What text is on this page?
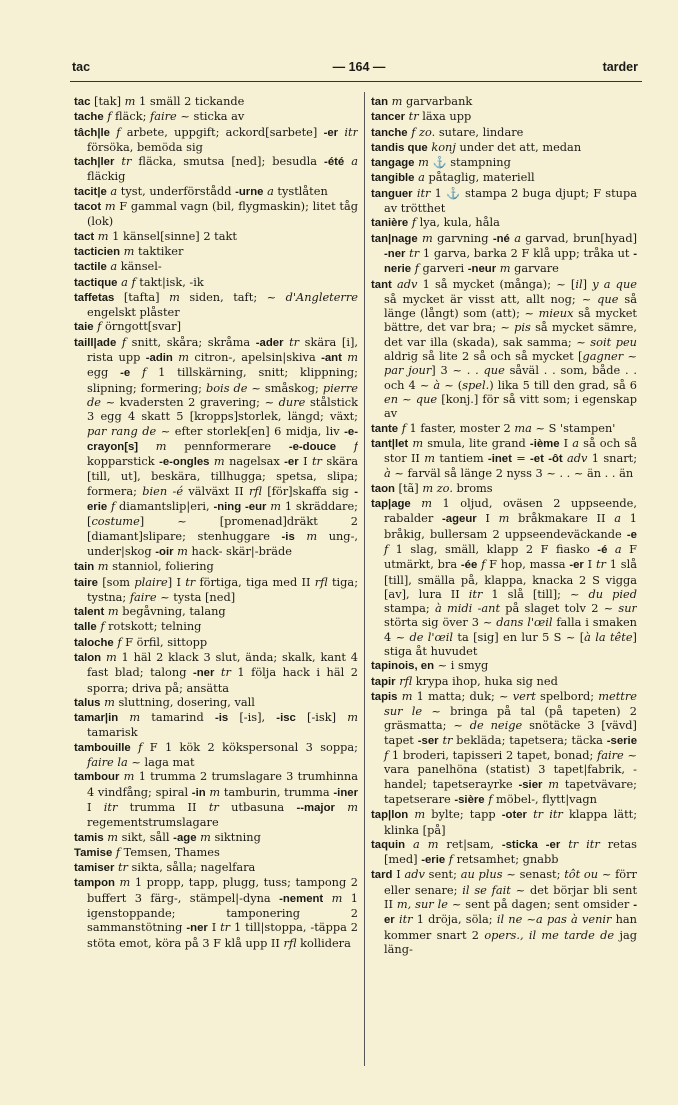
tac	— 164 —	tarder

tac [tak] m 1 smäll 2 tickande

tache f fläck; faire ~ sticka av

tâch|le f arbete, uppgift; ackord[sarbete] -er itr försöka, bemöda sig

tach|ler tr fläcka, smutsa [ned]; besudla -été a fläckig

tacit|e a tyst, underförstådd -urne a tystlåten

tacot m F gammal vagn (bil, flygmaskin); litet tåg (lok)

tact m 1 känsel[sinne] 2 takt

tacticien m taktiker

tactile a känsel-

tactique a f takt|isk, -ik

taffetas [tafta] m siden, taft; ~ d'Angleterre engelskt plåster

taie f örngott[svar]

taill|ade f snitt, skåra; skråma -ader tr skära [i], rista upp -adin m citron-, apelsin|skiva -ant m egg -e f 1 tillskärning, snitt; klippning; slipning; formering; bois de ~ småskog; pierre de ~ kvadersten 2 gravering; ~ dure stålstick 3 egg 4 skatt 5 [kropps]storlek, längd; växt; par rang de ~ efter storlek[en] 6 midja, liv -e-crayon[s] m pennformerare -e-douce f kopparstick -e-ongles m nagelsax -er I tr skära [till, ut], beskära, tillhugga; spetsa, slipa; formera; bien -é välväxt II rfl [för]skaffa sig -erie f diamantslip|eri, -ning -eur m 1 skräddare; [costume] ~ [promenad]dräkt 2 [diamant]slipare; stenhuggare -is m ung-, under|skog -oir m hack- skär|-bräde

tain m stanniol, foliering

taire [som plaire] I tr förtiga, tiga med II rfl tiga; tystna; faire ~ tysta [ned]

talent m begåvning, talang

talle f rotskott; telning

taloche f F örfil, sittopp

talon m 1 häl 2 klack 3 slut, ända; skalk, kant 4 fast blad; talong -ner tr 1 följa hack i häl 2 sporra; driva på; ansätta

talus m sluttning, dosering, vall

tamar|in m tamarind -is [-is], -isc [-isk] m tamarisk

tambouille f F 1 kök 2 kökspersonal 3 soppa; faire la ~ laga mat

tambour m 1 trumma 2 trumslagare 3 trumhinna 4 vindfång; spiral -in m tamburin, trumma -iner I itr trumma II tr utbasuna --major m regementstrumslagare

tamis m sikt, såll -age m siktning

Tamise f Temsen, Thames

tamiser tr sikta, sålla; nagelfara

tampon m 1 propp, tapp, plugg, tuss; tampong 2 buffert 3 färg-, stämpel|-dyna -nement m 1 igenstoppande; tamponering 2 sammanstötning -ner I tr 1 till|stoppa, -täppa 2 stöta emot, köra på 3 F klå upp II rfl kollidera

tan m garvarbank

tancer tr läxa upp

tanche f zo. sutare, lindare

tandis que konj under det att, medan

tangage m ⚓ stampning

tangible a påtaglig, materiell

tanguer itr 1 ⚓ stampa 2 buga djupt; F stupa av trötthet

tanière f lya, kula, håla

tan|nage m garvning -né a garvad, brun[hyad] -ner tr 1 garva, barka 2 F klå upp; tråka ut -nerie f garveri -neur m garvare

tant adv 1 så mycket (många); ~ [il] y a que så mycket är visst att, allt nog; ~ que så länge (långt) som (att); ~ mieux så mycket bättre, det var bra; ~ pis så mycket sämre, det var illa (skada), sak samma; ~ soit peu aldrig så lite 2 så och så mycket [gagner ~ par jour] 3 ~ . . que såväl . . som, både . . och 4 ~ à ~ (spel.) lika 5 till den grad, så 6 en ~ que [konj.] för så vitt som; i egenskap av

tante f 1 faster, moster 2 ma ~ S 'stampen'

tant|let m smula, lite grand -ième I a så och så stor II m tantiem -inet = -et -ôt adv 1 snart; à ~ farväl så länge 2 nyss 3 ~ . . ~ än . . än

taon [tã] m zo. broms

tap|age m 1 oljud, oväsen 2 uppseende, rabalder -ageur I m bråkmakare II a 1 bråkig, bullersam 2 uppseendeväckande -e f 1 slag, smäll, klapp 2 F fiasko -é a F utmärkt, bra -ée f F hop, massa -er I tr 1 slå [till], smälla på, klappa, knacka 2 S vigga [av], lura II itr 1 slå [till]; ~ du pied stampa; à midi -ant på slaget tolv 2 ~ sur störta sig över 3 ~ dans l'œil falla i smaken 4 ~ de l'œil ta [sig] en lur 5 S ~ [à la tête] stiga åt huvudet

tapinois, en ~ i smyg

tapir rfl krypa ihop, huka sig ned

tapis m 1 matta; duk; ~ vert spelbord; mettre sur le ~ bringa på tal (på tapeten) 2 gräsmatta; ~ de neige snötäcke 3 [vävd] tapet -ser tr bekläda; tapetsera; täcka -serie f 1 broderi, tapisseri 2 tapet, bonad; faire ~ vara panelhöna (statist) 3 tapet|fabrik, -handel; tapetserayrke -sier m tapetvävare; tapetserare -sière f möbel-, flytt|vagn

tap|lon m bylte; tapp -oter tr itr klappa lätt; klinka [på]

taquin a m ret|sam, -sticka -er tr itr retas [med] -erie f retsamhet; gnabb

tard I adv sent; au plus ~ senast; tôt ou ~ förr eller senare; il se fait ~ det börjar bli sent II m, sur le ~ sent på dagen; sent omsider -er itr 1 dröja, söla; il ne ~a pas à venir han kommer snart 2 opers., il me tarde de jag läng-
